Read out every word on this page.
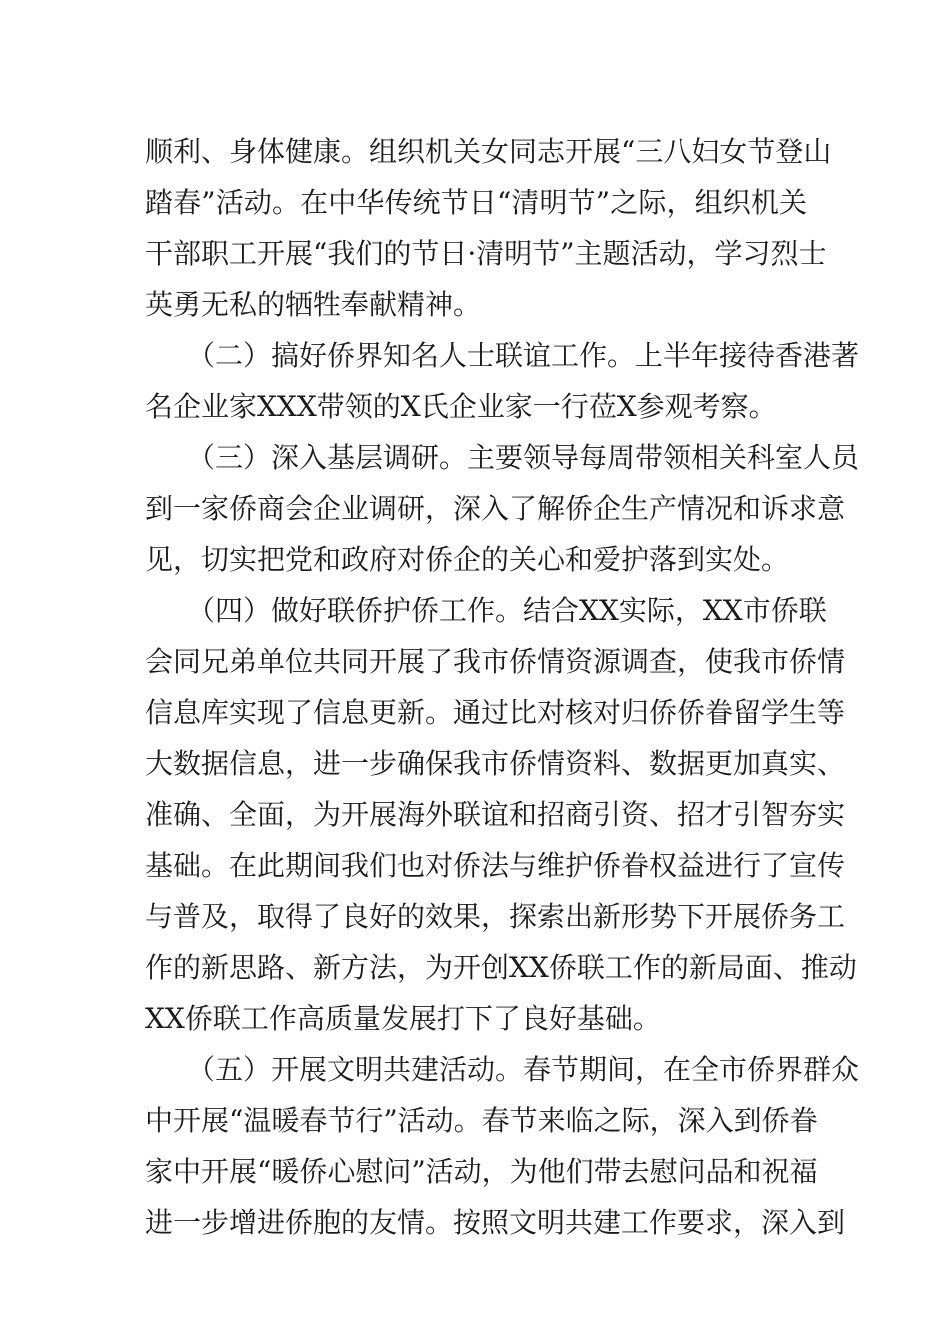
顺利、身体健康。组织机关女同志开展“三八妇女节登山
踏春”活动。在中华传统节日“清明节”之际，组织机关
干部职工开展“我们的节日·清明节”主题活动，学习烈士
英勇无私的牺牲奉献精神。
　　（二）搞好侨界知名人士联谊工作。上半年接待香港著
名企业家XXX带领的X氏企业家一行莅X参观考察。
　　（三）深入基层调研。主要领导每周带领相关科室人员
到一家侨商会企业调研，深入了解侨企生产情况和诉求意
见，切实把党和政府对侨企的关心和爱护落到实处。
　　（四）做好联侨护侨工作。结合XX实际，XX市侨联
会同兄弟单位共同开展了我市侨情资源调查，使我市侨情
信息库实现了信息更新。通过比对核对归侨侨眷留学生等
大数据信息，进一步确保我市侨情资料、数据更加真实、
准确、全面，为开展海外联谊和招商引资、招才引智夯实
基础。在此期间我们也对侨法与维护侨眷权益进行了宣传
与普及，取得了良好的效果，探索出新形势下开展侨务工
作的新思路、新方法，为开创XX侨联工作的新局面、推动
XX侨联工作高质量发展打下了良好基础。
　　（五）开展文明共建活动。春节期间，在全市侨界群众
中开展“温暖春节行”活动。春节来临之际，深入到侨眷
家中开展“暖侨心慰问”活动，为他们带去慰问品和祝福
进一步增进侨胞的友情。按照文明共建工作要求，深入到
